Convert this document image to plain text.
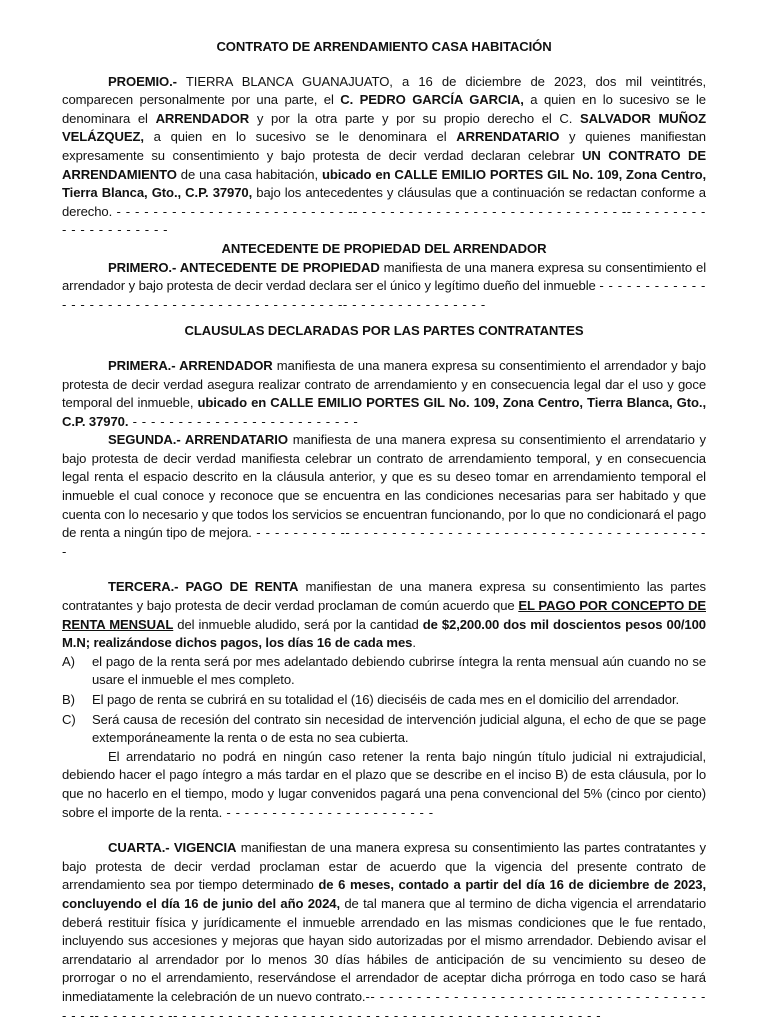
CONTRATO DE ARRENDAMIENTO CASA HABITACIÓN

PROEMIO.- TIERRA BLANCA GUANAJUATO, a 16 de diciembre de 2023, dos mil veintitrés, comparecen personalmente por una parte, el C. PEDRO GARCÍA GARCIA, a quien en lo sucesivo se le denominara el ARRENDADOR y por la otra parte y por su propio derecho el C. SALVADOR MUÑOZ VELÁZQUEZ, a quien en lo sucesivo se le denominara el ARRENDATARIO y quienes manifiestan expresamente su consentimiento y bajo protesta de decir verdad declaran celebrar UN CONTRATO DE ARRENDAMIENTO de una casa habitación, ubicado en CALLE EMILIO PORTES GIL No. 109, Zona Centro, Tierra Blanca, Gto., C.P. 37970, bajo los antecedentes y cláusulas que a continuación se redactan conforme a derecho. - - - - - - - - - - - - - - - - - - - - - - - - - -- - - - - - - - - - - - - - - - - - - - - - - - - - - - - -- - - - - - - - - - - - - - - - - - - - -

ANTECEDENTE DE PROPIEDAD DEL ARRENDADOR

PRIMERO.- ANTECEDENTE DE PROPIEDAD manifiesta de una manera expresa su consentimiento el arrendador y bajo protesta de decir verdad declara ser el único y legítimo dueño del inmueble - - - - - - - - - - - - - - - - - - - - - - - - - - - - - - - - - - - - - - - - - - -- - - - - - - - - - - - - - - -

CLAUSULAS DECLARADAS POR LAS PARTES CONTRATANTES

PRIMERA.- ARRENDADOR manifiesta de una manera expresa su consentimiento el arrendador y bajo protesta de decir verdad asegura realizar contrato de arrendamiento y en consecuencia legal dar el uso y goce temporal del inmueble, ubicado en CALLE EMILIO PORTES GIL No. 109, Zona Centro, Tierra Blanca, Gto., C.P. 37970. - - - - - - - - - - - - - - - - - - - - - - - - -

SEGUNDA.- ARRENDATARIO manifiesta de una manera expresa su consentimiento el arrendatario y bajo protesta de decir verdad manifiesta celebrar un contrato de arrendamiento temporal, y en consecuencia legal renta el espacio descrito en la cláusula anterior, y que es su deseo tomar en arrendamiento temporal el inmueble el cual conoce y reconoce que se encuentra en las condiciones necesarias para ser habitado y que cuenta con lo necesario y que todos los servicios se encuentran funcionando, por lo que no condicionará el pago de renta a ningún tipo de mejora. - - - - - - - - - -- - - - - - - - - - - - - - - - - - - - - - - - - - - - - - - - - - - - - - - -

TERCERA.- PAGO DE RENTA manifiestan de una manera expresa su consentimiento las partes contratantes y bajo protesta de decir verdad proclaman de común acuerdo que EL PAGO POR CONCEPTO DE RENTA MENSUAL del inmueble aludido, será por la cantidad de $2,200.00 dos mil doscientos pesos 00/100 M.N; realizándose dichos pagos, los días 16 de cada mes.

A)	el pago de la renta será por mes adelantado debiendo cubrirse íntegra la renta mensual aún cuando no se usare el inmueble el mes completo.
B)	El pago de renta se cubrirá en su totalidad el (16) dieciséis de cada mes en el domicilio del arrendador.
C)	Será causa de recesión del contrato sin necesidad de intervención judicial alguna, el echo de que se page extemporáneamente la renta o de esta no sea cubierta.

El arrendatario no podrá en ningún caso retener la renta bajo ningún título judicial ni extrajudicial, debiendo hacer el pago íntegro a más tardar en el plazo que se describe en el inciso B) de esta cláusula, por lo que no hacerlo en el tiempo, modo y lugar convenidos pagará una pena convencional del 5% (cinco por ciento) sobre el importe de la renta. - - - - - - - - - - - - - - - - - - - - - - -

CUARTA.- VIGENCIA manifiestan de una manera expresa su consentimiento las partes contratantes y bajo protesta de decir verdad proclaman estar de acuerdo que la vigencia del presente contrato de arrendamiento sea por tiempo determinado de 6 meses, contado a partir del día 16 de diciembre de 2023, concluyendo el día 16 de junio del año 2024, de tal manera que al termino de dicha vigencia el arrendatario deberá restituir física y jurídicamente el inmueble arrendado en las mismas condiciones que le fue rentado, incluyendo sus accesiones y mejoras que hayan sido autorizadas por el mismo arrendador. Debiendo avisar el arrendatario al arrendador por lo menos 30 días hábiles de anticipación de su vencimiento su deseo de prorrogar o no el arrendamiento, reservándose el arrendador de aceptar dicha prórroga en todo caso se hará inmediatamente la celebración de un nuevo contrato.-- - - - - - - - - - - - - - - - - - - - -- - - - - - - - - - - - - - - - - - - -- - - - - - - - -- - - - - - - - - - - - - - - - - - - - - - - - - - - - - - - - - - - - - - - - - - - - - - -
